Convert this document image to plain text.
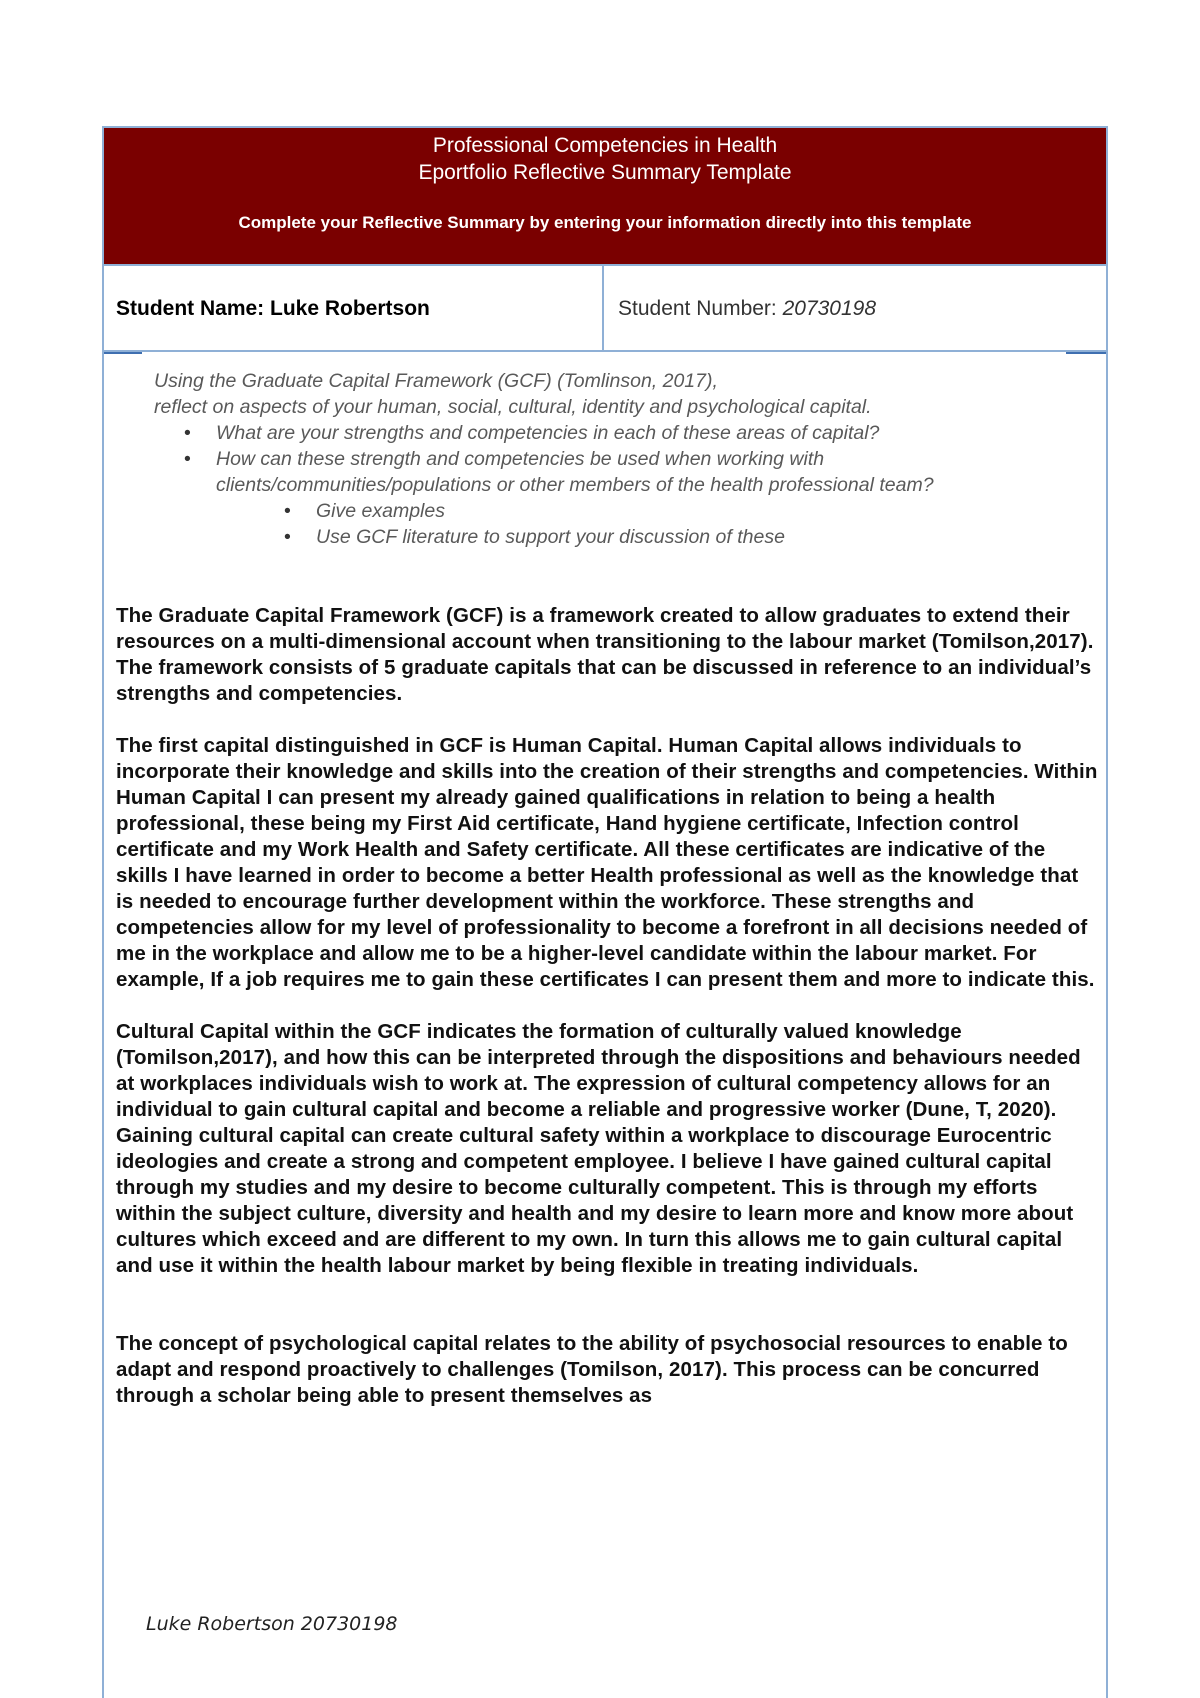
Professional Competencies in Health
Eportfolio Reflective Summary Template
Complete your Reflective Summary by entering your information directly into this template
Student Name: Luke Robertson	Student Number: 20730198
Using the Graduate Capital Framework (GCF) (Tomlinson, 2017),
reflect on aspects of your human, social, cultural, identity and psychological capital.
• What are your strengths and competencies in each of these areas of capital?
• How can these strength and competencies be used when working with clients/communities/populations or other members of the health professional team?
• Give examples
• Use GCF literature to support your discussion of these

The Graduate Capital Framework (GCF) is a framework created to allow graduates to extend their resources on a multi-dimensional account when transitioning to the labour market (Tomilson,2017). The framework consists of 5 graduate capitals that can be discussed in reference to an individual’s strengths and competencies.

The first capital distinguished in GCF is Human Capital. Human Capital allows individuals to incorporate their knowledge and skills into the creation of their strengths and competencies. Within Human Capital I can present my already gained qualifications in relation to being a health professional, these being my First Aid certificate, Hand hygiene certificate, Infection control certificate and my Work Health and Safety certificate. All these certificates are indicative of the skills I have learned in order to become a better Health professional as well as the knowledge that is needed to encourage further development within the workforce. These strengths and competencies allow for my level of professionality to become a forefront in all decisions needed of me in the workplace and allow me to be a higher-level candidate within the labour market. For example, If a job requires me to gain these certificates I can present them and more to indicate this.

Cultural Capital within the GCF indicates the formation of culturally valued knowledge (Tomilson,2017), and how this can be interpreted through the dispositions and behaviours needed at workplaces individuals wish to work at. The expression of cultural competency allows for an individual to gain cultural capital and become a reliable and progressive worker (Dune, T, 2020). Gaining cultural capital can create cultural safety within a workplace to discourage Eurocentric ideologies and create a strong and competent employee. I believe I have gained cultural capital through my studies and my desire to become culturally competent. This is through my efforts within the subject culture, diversity and health and my desire to learn more and know more about cultures which exceed and are different to my own. In turn this allows me to gain cultural capital and use it within the health labour market by being flexible in treating individuals.

The concept of psychological capital relates to the ability of psychosocial resources to enable to adapt and respond proactively to challenges (Tomilson, 2017). This process can be concurred through a scholar being able to present themselves as

Luke Robertson 20730198
